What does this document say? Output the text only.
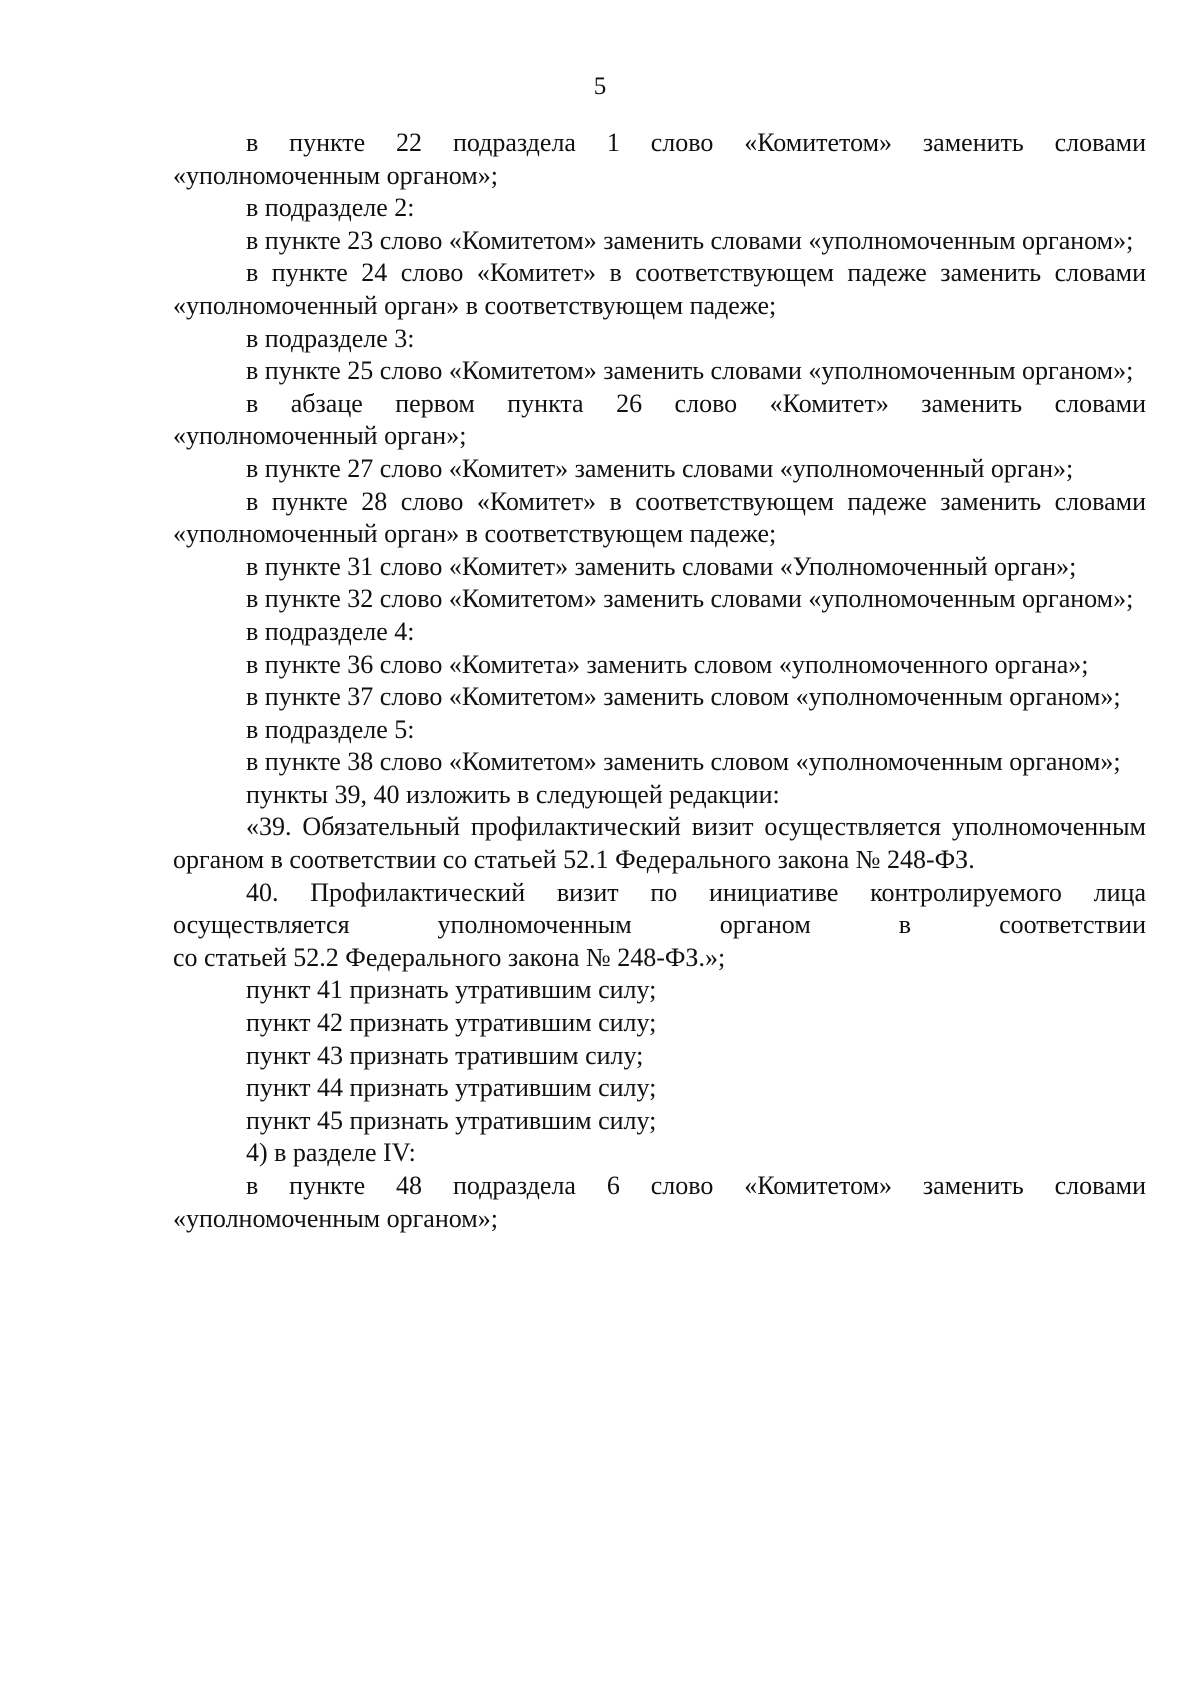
5

в пункте 22 подраздела 1 слово «Комитетом» заменить словами «уполномоченным органом»;

в подразделе 2:

в пункте 23 слово «Комитетом» заменить словами «уполномоченным органом»;

в пункте 24 слово «Комитет» в соответствующем падеже заменить словами «уполномоченный орган» в соответствующем падеже;

в подразделе 3:

в пункте 25 слово «Комитетом» заменить словами «уполномоченным органом»;

в абзаце первом пункта 26 слово «Комитет» заменить словами «уполномоченный орган»;

в пункте 27 слово «Комитет» заменить словами «уполномоченный орган»;

в пункте 28 слово «Комитет» в соответствующем падеже заменить словами «уполномоченный орган» в соответствующем падеже;

в пункте 31 слово «Комитет» заменить словами «Уполномоченный орган»;

в пункте 32 слово «Комитетом» заменить словами «уполномоченным органом»;

в подразделе 4:

в пункте 36 слово «Комитета» заменить словом «уполномоченного органа»;

в пункте 37 слово «Комитетом» заменить словом «уполномоченным органом»;

в подразделе 5:

в пункте 38 слово «Комитетом» заменить словом «уполномоченным органом»;

пункты 39, 40 изложить в следующей редакции:

«39. Обязательный профилактический визит осуществляется уполномоченным органом в соответствии со статьей 52.1 Федерального закона № 248-ФЗ.

40. Профилактический визит по инициативе контролируемого лица осуществляется уполномоченным органом в соответствии

со статьей 52.2 Федерального закона № 248-ФЗ.»;

пункт 41 признать утратившим силу;

пункт 42 признать утратившим силу;

пункт 43 признать тратившим силу;

пункт 44 признать утратившим силу;

пункт 45 признать утратившим силу;

4) в разделе IV:

в пункте 48 подраздела 6 слово «Комитетом» заменить словами «уполномоченным органом»;
